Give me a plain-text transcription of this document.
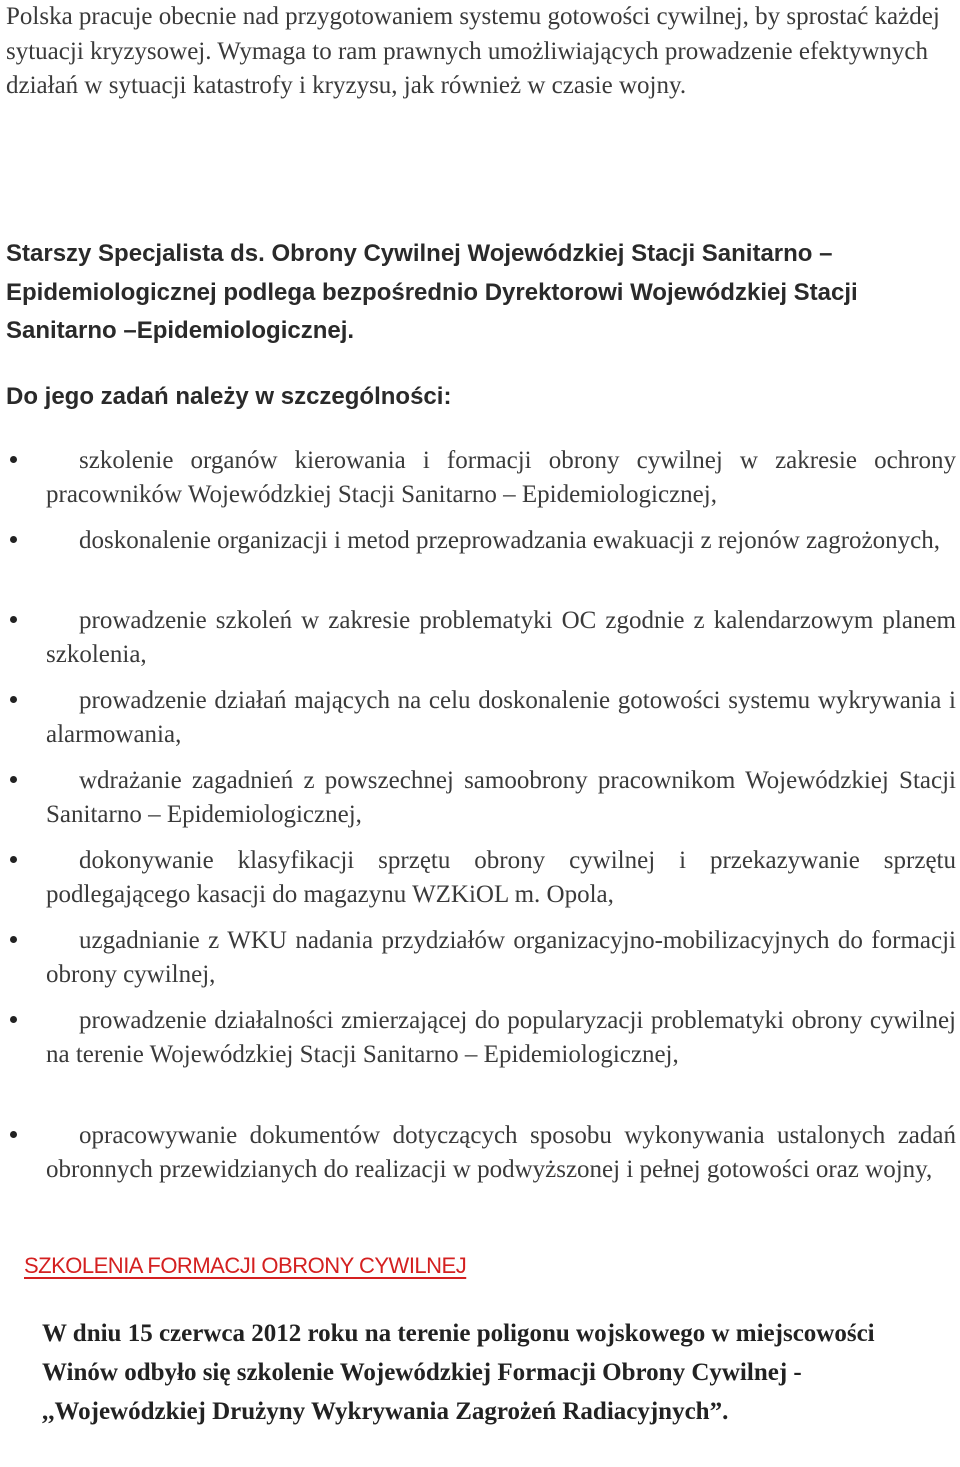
Polska pracuje obecnie nad przygotowaniem systemu gotowości cywilnej, by sprostać każdej sytuacji kryzysowej. Wymaga to ram prawnych umożliwiających prowadzenie efektywnych działań w sytuacji katastrofy i kryzysu, jak również w czasie wojny.

Starszy Specjalista ds. Obrony Cywilnej Wojewódzkiej Stacji Sanitarno – Epidemiologicznej podlega bezpośrednio Dyrektorowi Wojewódzkiej Stacji Sanitarno –Epidemiologicznej.

Do jego zadań należy w szczególności:

szkolenie organów kierowania i formacji obrony cywilnej w zakresie ochrony pracowników Wojewódzkiej Stacji Sanitarno – Epidemiologicznej,
doskonalenie organizacji i metod przeprowadzania ewakuacji z rejonów zagrożonych,
prowadzenie szkoleń w zakresie problematyki OC zgodnie z kalendarzowym planem szkolenia,
prowadzenie działań mających na celu doskonalenie gotowości systemu wykrywania i alarmowania,
wdrażanie zagadnień z powszechnej samoobrony pracownikom Wojewódzkiej Stacji Sanitarno – Epidemiologicznej,
dokonywanie klasyfikacji sprzętu obrony cywilnej i przekazywanie sprzętu podlegającego kasacji do magazynu WZKiOL m. Opola,
uzgadnianie z WKU nadania przydziałów organizacyjno-mobilizacyjnych do formacji obrony cywilnej,
prowadzenie działalności zmierzającej do popularyzacji problematyki obrony cywilnej na terenie Wojewódzkiej Stacji Sanitarno – Epidemiologicznej,
opracowywanie dokumentów dotyczących sposobu wykonywania ustalonych zadań obronnych przewidzianych do realizacji w podwyższonej i pełnej gotowości oraz wojny,
SZKOLENIA FORMACJI OBRONY CYWILNEJ

W dniu 15 czerwca 2012 roku na terenie poligonu wojskowego w miejscowości Winów odbyło się szkolenie Wojewódzkiej Formacji Obrony Cywilnej - ,,Wojewódzkiej Drużyny Wykrywania Zagrożeń Radiacyjnych”.
